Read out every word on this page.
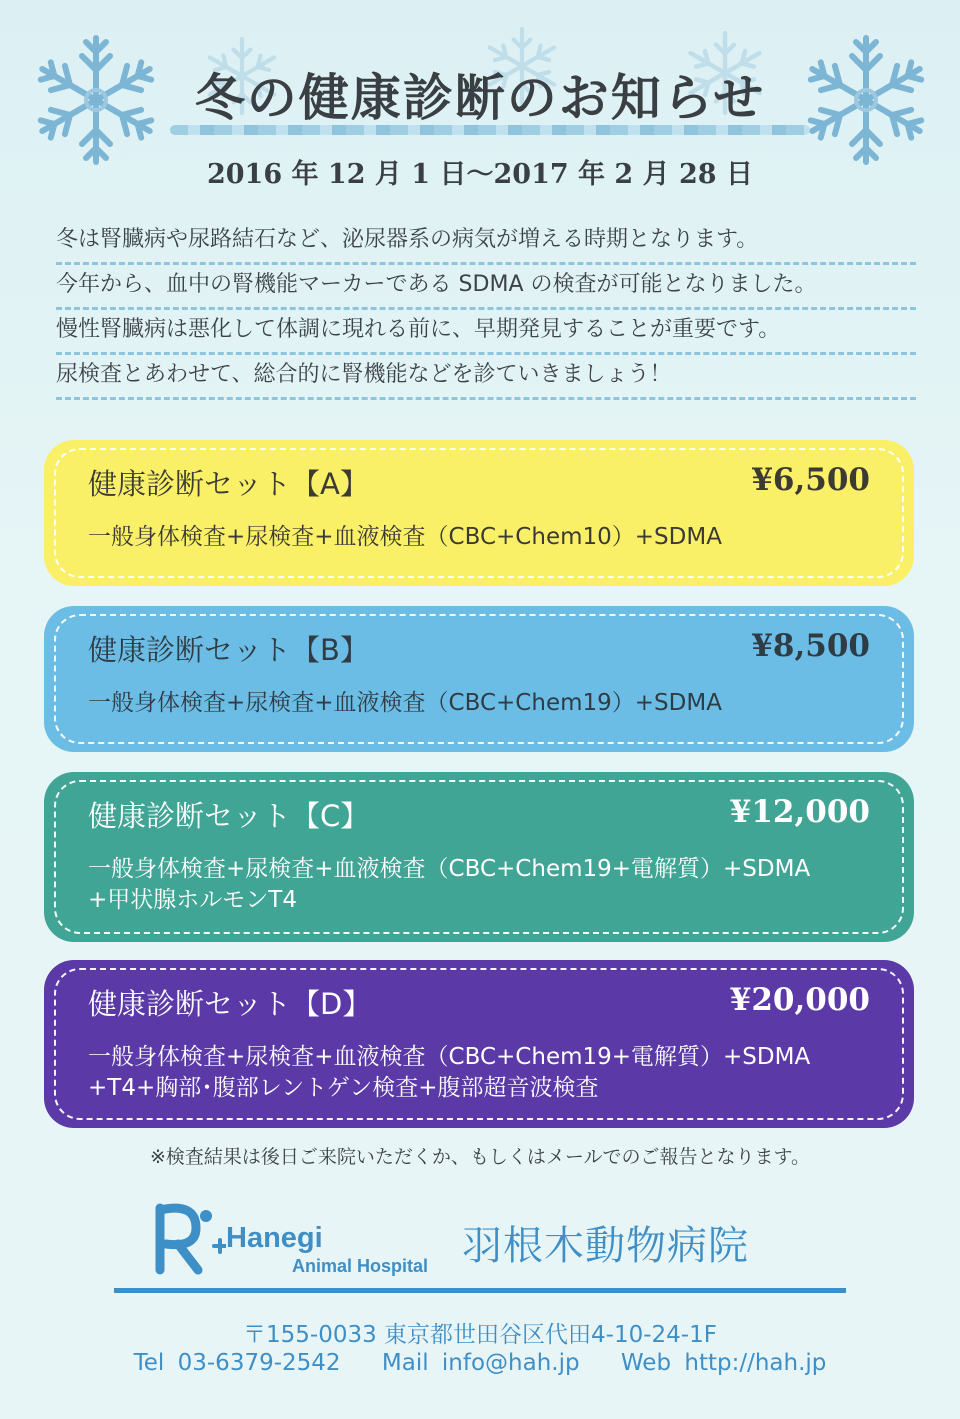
冬の健康診断のお知らせ
2016 年 12 月 1 日～2017 年 2 月 28 日
冬は腎臓病や尿路結石など、泌尿器系の病気が増える時期となります。
今年から、血中の腎機能マーカーである SDMA の検査が可能となりました。
慢性腎臓病は悪化して体調に現れる前に、早期発見することが重要です。
尿検査とあわせて、総合的に腎機能などを診ていきましょう！
健康診断セット【A】	¥6,500
一般身体検査+尿検査+血液検査（CBC+Chem10）+SDMA
健康診断セット【B】	¥8,500
一般身体検査+尿検査+血液検査（CBC+Chem19）+SDMA
健康診断セット【C】	¥12,000
一般身体検査+尿検査+血液検査（CBC+Chem19+電解質）+SDMA
+甲状腺ホルモンT4
健康診断セット【D】	¥20,000
一般身体検査+尿検査+血液検査（CBC+Chem19+電解質）+SDMA
+T4+胸部･腹部レントゲン検査+腹部超音波検査
※検査結果は後日ご来院いただくか、もしくはメールでのご報告となります。
Hanegi
Animal Hospital 羽根木動物病院
〒155-0033 東京都世田谷区代田4-10-24-1F
Tel 03-6379-2542 Mail info@hah.jp Web http://hah.jp
